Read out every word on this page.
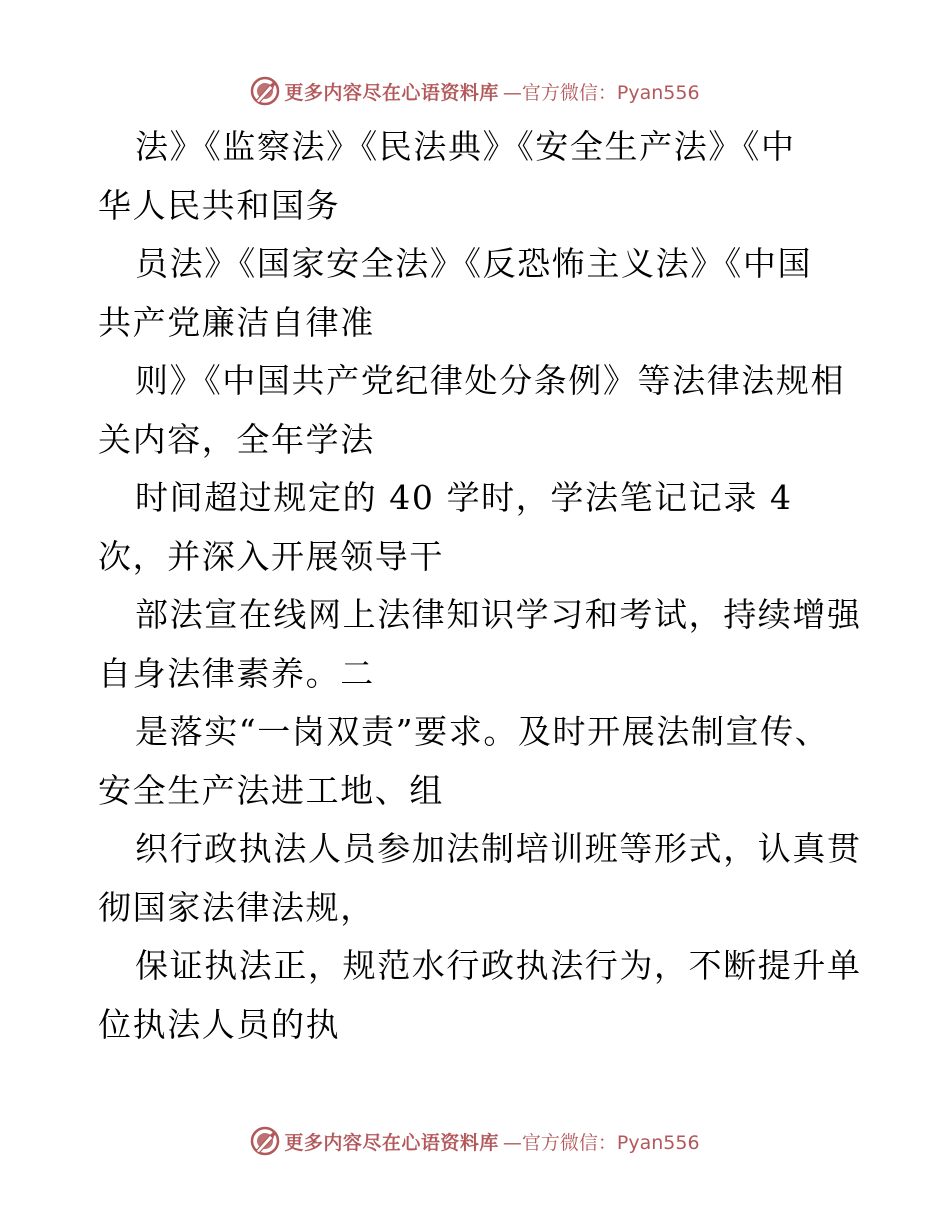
更多内容尽在心语资料库 —官方微信：Pyan556
法》《监察法》《民法典》《安全生产法》《中
华人民共和国务
员法》《国家安全法》《反恐怖主义法》《中国
共产党廉洁自律准
则》《中国共产党纪律处分条例》等法律法规相
关内容，全年学法
时间超过规定的 40 学时，学法笔记记录 4
次，并深入开展领导干
部法宣在线网上法律知识学习和考试，持续增强
自身法律素养。二
是落实“一岗双责”要求。及时开展法制宣传、
安全生产法进工地、组
织行政执法人员参加法制培训班等形式，认真贯
彻国家法律法规，
保证执法正，规范水行政执法行为，不断提升单
位执法人员的执
更多内容尽在心语资料库 —官方微信：Pyan556
